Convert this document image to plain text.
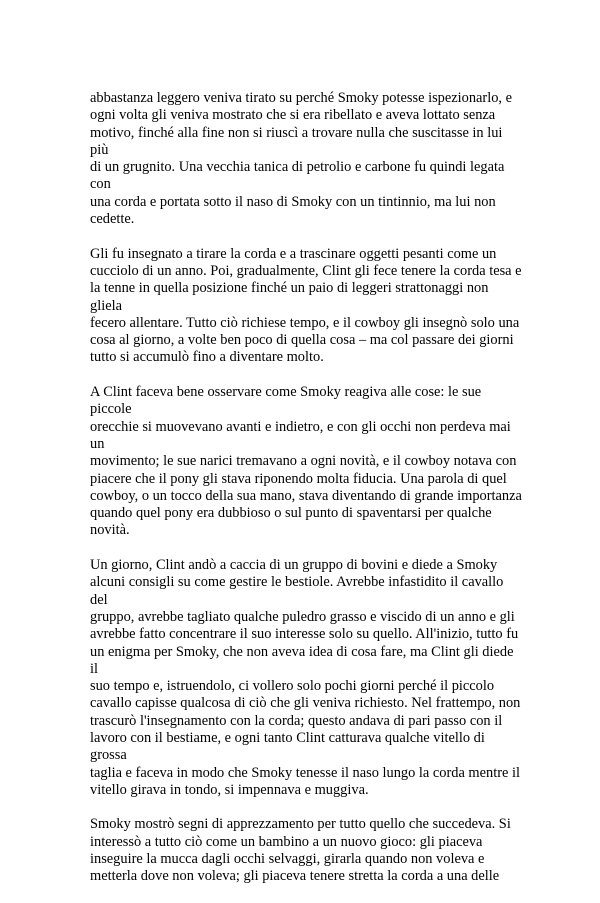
abbastanza leggero veniva tirato su perché Smoky potesse ispezionarlo, e
ogni volta gli veniva mostrato che si era ribellato e aveva lottato senza
motivo, finché alla fine non si riuscì a trovare nulla che suscitasse in lui più
di un grugnito. Una vecchia tanica di petrolio e carbone fu quindi legata con
una corda e portata sotto il naso di Smoky con un tintinnio, ma lui non
cedette.

Gli fu insegnato a tirare la corda e a trascinare oggetti pesanti come un
cucciolo di un anno. Poi, gradualmente, Clint gli fece tenere la corda tesa e
la tenne in quella posizione finché un paio di leggeri strattonaggi non gliela
fecero allentare. Tutto ciò richiese tempo, e il cowboy gli insegnò solo una
cosa al giorno, a volte ben poco di quella cosa – ma col passare dei giorni
tutto si accumulò fino a diventare molto.

A Clint faceva bene osservare come Smoky reagiva alle cose: le sue piccole
orecchie si muovevano avanti e indietro, e con gli occhi non perdeva mai un
movimento; le sue narici tremavano a ogni novità, e il cowboy notava con
piacere che il pony gli stava riponendo molta fiducia. Una parola di quel
cowboy, o un tocco della sua mano, stava diventando di grande importanza
quando quel pony era dubbioso o sul punto di spaventarsi per qualche
novità.

Un giorno, Clint andò a caccia di un gruppo di bovini e diede a Smoky
alcuni consigli su come gestire le bestiole. Avrebbe infastidito il cavallo del
gruppo, avrebbe tagliato qualche puledro grasso e viscido di un anno e gli
avrebbe fatto concentrare il suo interesse solo su quello. All'inizio, tutto fu
un enigma per Smoky, che non aveva idea di cosa fare, ma Clint gli diede il
suo tempo e, istruendolo, ci vollero solo pochi giorni perché il piccolo
cavallo capisse qualcosa di ciò che gli veniva richiesto. Nel frattempo, non
trascurò l'insegnamento con la corda; questo andava di pari passo con il
lavoro con il bestiame, e ogni tanto Clint catturava qualche vitello di grossa
taglia e faceva in modo che Smoky tenesse il naso lungo la corda mentre il
vitello girava in tondo, si impennava e muggiva.

Smoky mostrò segni di apprezzamento per tutto quello che succedeva. Si
interessò a tutto ciò come un bambino a un nuovo gioco: gli piaceva
inseguire la mucca dagli occhi selvaggi, girarla quando non voleva e
metterla dove non voleva; gli piaceva tenere stretta la corda a una delle
